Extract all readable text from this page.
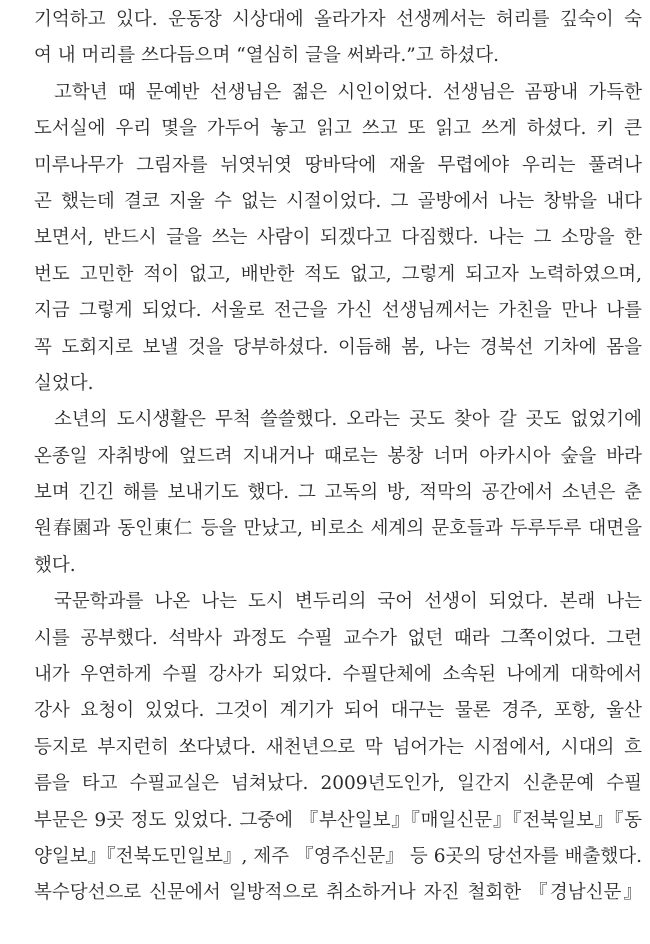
기억하고 있다. 운동장 시상대에 올라가자 선생께서는 허리를 깊숙이 숙
여 내 머리를 쓰다듬으며 “열심히 글을 써봐라.”고 하셨다.
고학년 때 문예반 선생님은 젊은 시인이었다. 선생님은 곰팡내 가득한
도서실에 우리 몇을 가두어 놓고 읽고 쓰고 또 읽고 쓰게 하셨다. 키 큰
미루나무가 그림자를 뉘엿뉘엿 땅바닥에 재울 무렵에야 우리는 풀려나
곤 했는데 결코 지울 수 없는 시절이었다. 그 골방에서 나는 창밖을 내다
보면서, 반드시 글을 쓰는 사람이 되겠다고 다짐했다. 나는 그 소망을 한
번도 고민한 적이 없고, 배반한 적도 없고, 그렇게 되고자 노력하였으며,
지금 그렇게 되었다. 서울로 전근을 가신 선생님께서는 가친을 만나 나를
꼭 도회지로 보낼 것을 당부하셨다. 이듬해 봄, 나는 경북선 기차에 몸을
실었다.
소년의 도시생활은 무척 쓸쓸했다. 오라는 곳도 찾아 갈 곳도 없었기에
온종일 자취방에 엎드려 지내거나 때로는 봉창 너머 아카시아 숲을 바라
보며 긴긴 해를 보내기도 했다. 그 고독의 방, 적막의 공간에서 소년은 춘
원春園과 동인東仁 등을 만났고, 비로소 세계의 문호들과 두루두루 대면을
했다.
국문학과를 나온 나는 도시 변두리의 국어 선생이 되었다. 본래 나는
시를 공부했다. 석박사 과정도 수필 교수가 없던 때라 그쪽이었다. 그런
내가 우연하게 수필 강사가 되었다. 수필단체에 소속된 나에게 대학에서
강사 요청이 있었다. 그것이 계기가 되어 대구는 물론 경주, 포항, 울산
등지로 부지런히 쏘다녔다. 새천년으로 막 넘어가는 시점에서, 시대의 흐
름을 타고 수필교실은 넘쳐났다. 2009년도인가, 일간지 신춘문예 수필
부문은 9곳 정도 있었다. 그중에 『부산일보』『매일신문』『전북일보』『동
양일보』『전북도민일보』, 제주 『영주신문』 등 6곳의 당선자를 배출했다.
복수당선으로 신문에서 일방적으로 취소하거나 자진 철회한 『경남신문』
